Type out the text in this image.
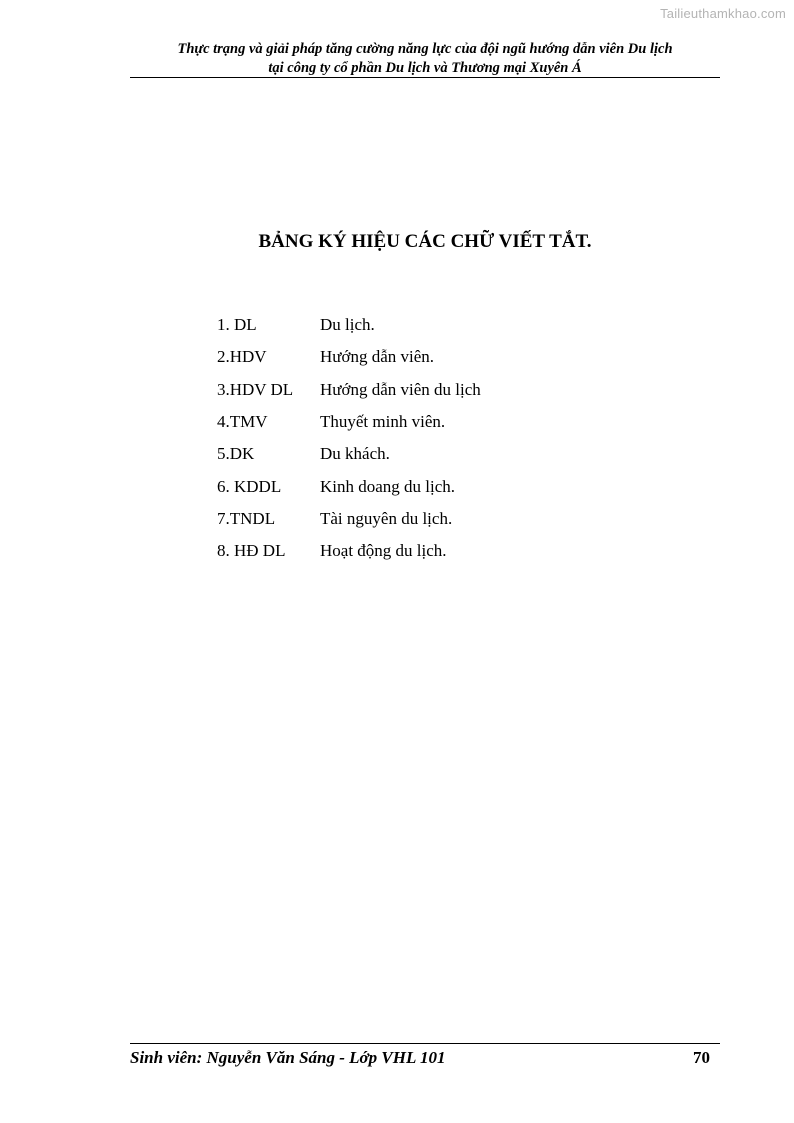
Tailieuthamkhao.com
Thực trạng và giải pháp tăng cường năng lực của đội ngũ hướng dẫn viên Du lịch
tại công ty cổ phần Du lịch và Thương mại Xuyên Á
BẢNG KÝ HIỆU CÁC CHỮ VIẾT TẮT.
1. DL	Du lịch.
2.HDV	Hướng dẫn viên.
3.HDV DL	Hướng dẫn viên du lịch
4.TMV	Thuyết minh viên.
5.DK	Du khách.
6. KDDL	Kinh doang du lịch.
7.TNDL	Tài nguyên du lịch.
8. HĐ DL	Hoạt động du lịch.
Sinh viên: Nguyễn Văn Sáng - Lớp VHL 101	70
